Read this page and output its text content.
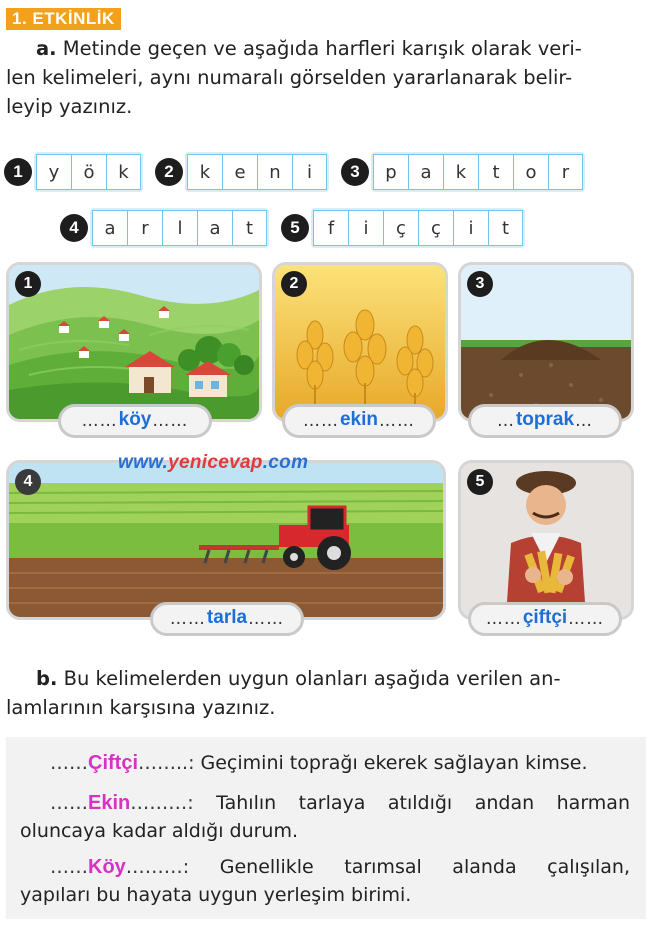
1. ETKİNLİK
a. Metinde geçen ve aşağıda harfleri karışık olarak veri-
len kelimeleri, aynı numaralı görselden yararlanarak belir-
leyip yazınız.
1	y	ö	k	2	k	e	n	i	3	p	a	k	t	o	r
4	a	r	l	a	t	5	f	i	ç	ç	i	t
1	2	3
4	5
…… köy ……	…… ekin ……	… toprak …
…… tarla ……	…… çiftçi ……
www.yenicevap.com
b. Bu kelimelerden uygun olanları aşağıda verilen an-
lamlarının karşısına yazınız.
……Çiftçi……..: Geçimini toprağı ekerek sağlayan kimse.
……Ekin………: Tahılın tarlaya atıldığı andan harman
oluncaya kadar aldığı durum.
……Köy………: Genellikle tarımsal alanda çalışılan,
yapıları bu hayata uygun yerleşim birimi.
